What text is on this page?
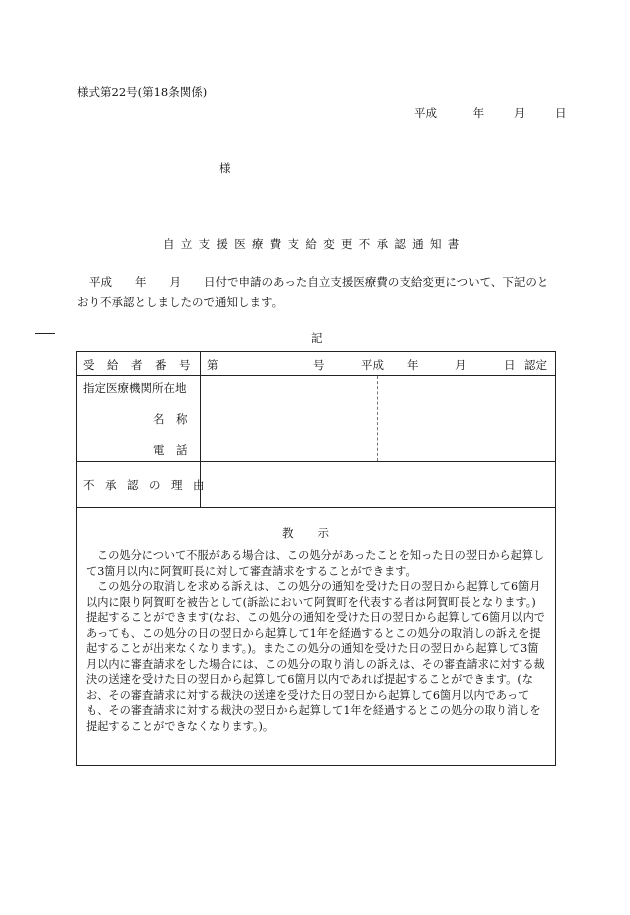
様式第22号(第18条関係)
平成	年	月	日
様
自立支援医療費支給変更不承認通知書
平成　　年　　月　　日付で申請のあった自立支援医療費の支給変更について、下記のとおり不承認としましたので通知します。
記
受給者番号 第	号	平成 年	月	日 認定
指定医療機関所在地
名　称
電　話
不承認の理由
教示

この処分について不服がある場合は、この処分があったことを知った日の翌日から起算して3箇月以内に阿賀町長に対して審査請求をすることができます。

この処分の取消しを求める訴えは、この処分の通知を受けた日の翌日から起算して6箇月以内に限り阿賀町を被告として(訴訟において阿賀町を代表する者は阿賀町長となります。)提起することができます(なお、この処分の通知を受けた日の翌日から起算して6箇月以内であっても、この処分の日の翌日から起算して1年を経過するとこの処分の取消しの訴えを提起することが出来なくなります。)。またこの処分の通知を受けた日の翌日から起算して3箇月以内に審査請求をした場合には、この処分の取り消しの訴えは、その審査請求に対する裁決の送達を受けた日の翌日から起算して6箇月以内であれば提起することができます。(なお、その審査請求に対する裁決の送達を受けた日の翌日から起算して6箇月以内であっても、その審査請求に対する裁決の翌日から起算して1年を経過するとこの処分の取り消しを提起することができなくなります。)。
